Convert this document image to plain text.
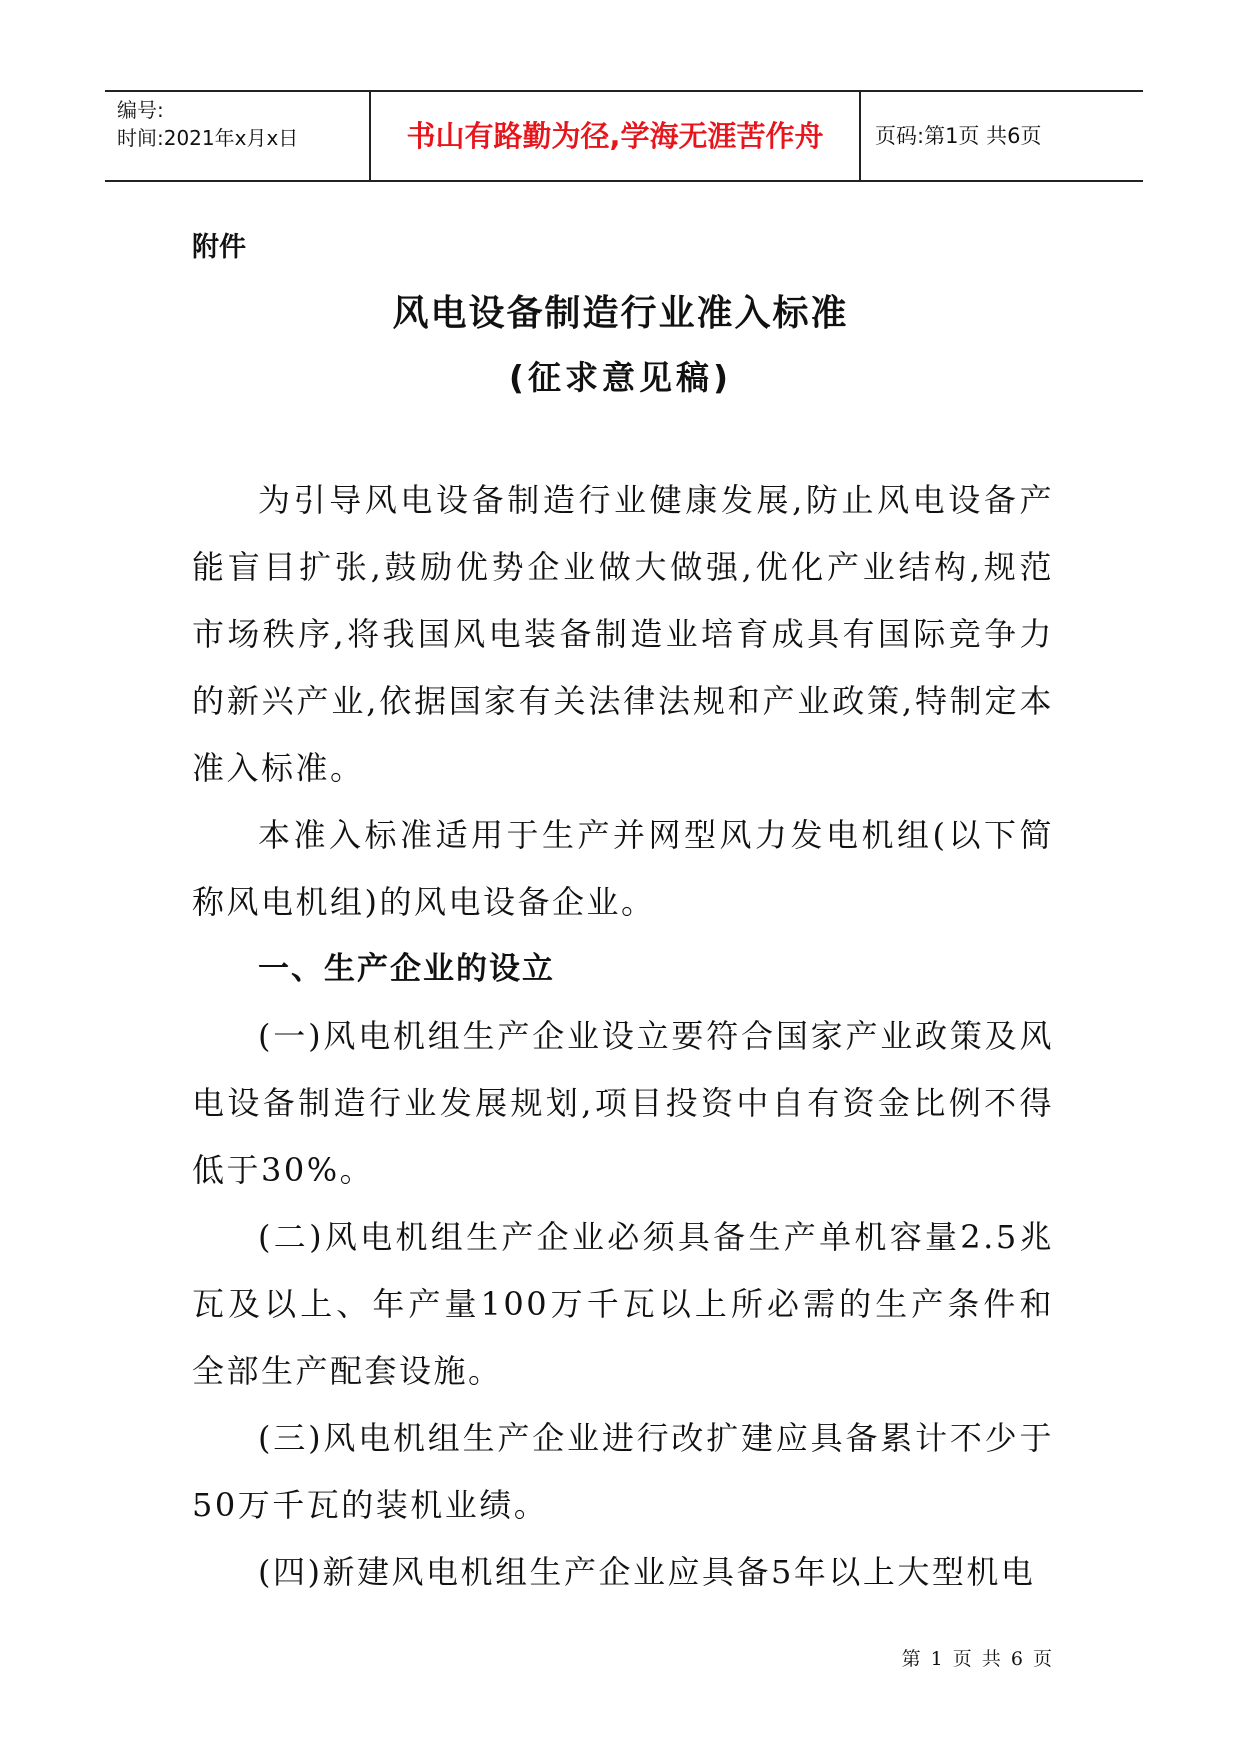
编号:
时间:2021年x月x日	书山有路勤为径,学海无涯苦作舟	页码:第1页 共6页
附件
风电设备制造行业准入标准
(征求意见稿)

为引导风电设备制造行业健康发展,防止风电设备产能盲目扩张,鼓励优势企业做大做强,优化产业结构,规范市场秩序,将我国风电装备制造业培育成具有国际竞争力的新兴产业,依据国家有关法律法规和产业政策,特制定本准入标准。

本准入标准适用于生产并网型风力发电机组(以下简称风电机组)的风电设备企业。

一、生产企业的设立

(一)风电机组生产企业设立要符合国家产业政策及风电设备制造行业发展规划,项目投资中自有资金比例不得低于30%。

(二)风电机组生产企业必须具备生产单机容量2.5兆瓦及以上、年产量100万千瓦以上所必需的生产条件和全部生产配套设施。

(三)风电机组生产企业进行改扩建应具备累计不少于50万千瓦的装机业绩。

(四)新建风电机组生产企业应具备5年以上大型机电

第 1 页 共 6 页
